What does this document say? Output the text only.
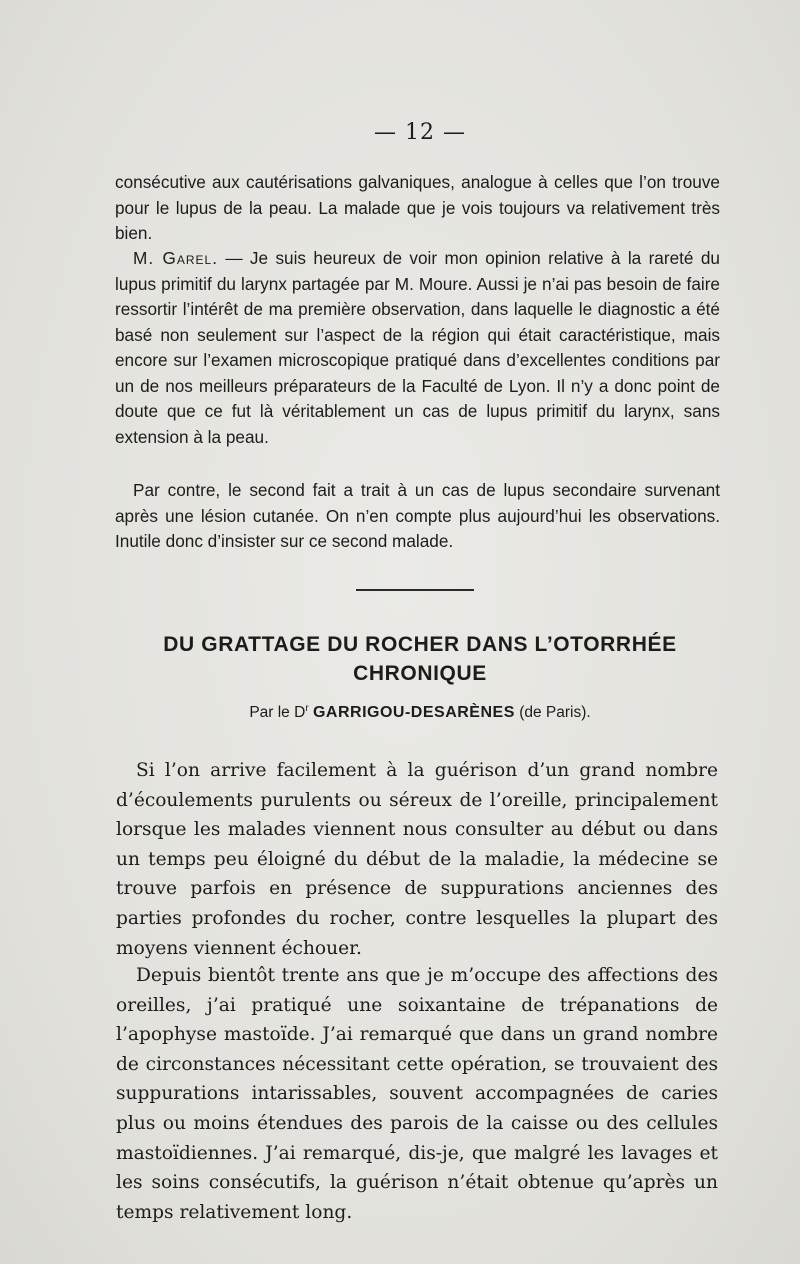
— 12 —

consécutive aux cautérisations galvaniques, analogue à celles que l’on trouve pour le lupus de la peau. La malade que je vois toujours va relativement très bien.

M. Garel. — Je suis heureux de voir mon opinion relative à la rareté du lupus primitif du larynx partagée par M. Moure. Aussi je n’ai pas besoin de faire ressortir l’intérêt de ma première observation, dans laquelle le diagnostic a été basé non seulement sur l’aspect de la région qui était caractéristique, mais encore sur l’examen microscopique pratiqué dans d’excellentes conditions par un de nos meilleurs préparateurs de la Faculté de Lyon. Il n’y a donc point de doute que ce fut là véritablement un cas de lupus primitif du larynx, sans extension à la peau.

Par contre, le second fait a trait à un cas de lupus secondaire survenant après une lésion cutanée. On n’en compte plus aujourd’hui les observations. Inutile donc d’insister sur ce second malade.

DU GRATTAGE DU ROCHER DANS L’OTORRHÉE
CHRONIQUE

Par le $D^r$ GARRIGOU-DESARÈNES (de Paris).

Si l’on arrive facilement à la guérison d’un grand nombre d’écoulements purulents ou séreux de l’oreille, principalement lorsque les malades viennent nous consulter au début ou dans un temps peu éloigné du début de la maladie, la médecine se trouve parfois en présence de suppurations anciennes des parties profondes du rocher, contre lesquelles la plupart des moyens viennent échouer.

Depuis bientôt trente ans que je m’occupe des affections des oreilles, j’ai pratiqué une soixantaine de trépanations de l’apophyse mastoïde. J’ai remarqué que dans un grand nombre de circonstances nécessitant cette opération, se trouvaient des suppurations intarissables, souvent accompagnées de caries plus ou moins étendues des parois de la caisse ou des cellules mastoïdiennes. J’ai remarqué, dis-je, que malgré les lavages et les soins consécutifs, la guérison n’était obtenue qu’après un temps relativement long.
